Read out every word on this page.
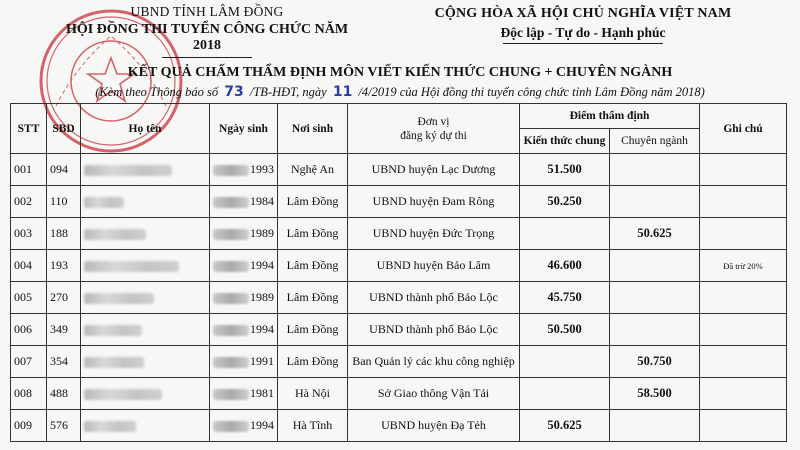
UBND TỈNH LÂM ĐỒNG
HỘI ĐỒNG THI TUYỂN CÔNG CHỨC NĂM 2018
CỘNG HÒA XÃ HỘI CHỦ NGHĨA VIỆT NAM
Độc lập - Tự do - Hạnh phúc
KẾT QUẢ CHẤM THẨM ĐỊNH MÔN VIẾT KIẾN THỨC CHUNG + CHUYÊN NGÀNH
(Kèm theo Thông báo số 73 /TB-HĐT, ngày 11 /4/2019 của Hội đồng thi tuyển công chức tỉnh Lâm Đồng năm 2018)
STT	SBD	Họ tên	Ngày sinh	Nơi sinh	Đơn vị
đăng ký dự thi	Điểm thẩm định		Ghi chú
						Kiến thức chung	Chuyên ngành	
001	094		1993	Nghệ An	UBND huyện Lạc Dương	51.500		
002	110		1984	Lâm Đồng	UBND huyện Đam Rông	50.250		
003	188		1989	Lâm Đồng	UBND huyện Đức Trọng		50.625	
004	193		1994	Lâm Đồng	UBND huyện Bảo Lâm	46.600		Đã trừ 20%
005	270		1989	Lâm Đồng	UBND thành phố Bảo Lộc	45.750		
006	349		1994	Lâm Đồng	UBND thành phố Bảo Lộc	50.500		
007	354		1991	Lâm Đồng	Ban Quản lý các khu công nghiệp		50.750	
008	488		1981	Hà Nội	Sở Giao thông Vận Tải		58.500	
009	576		1994	Hà Tĩnh	UBND huyện Đạ Tẻh	50.625		
